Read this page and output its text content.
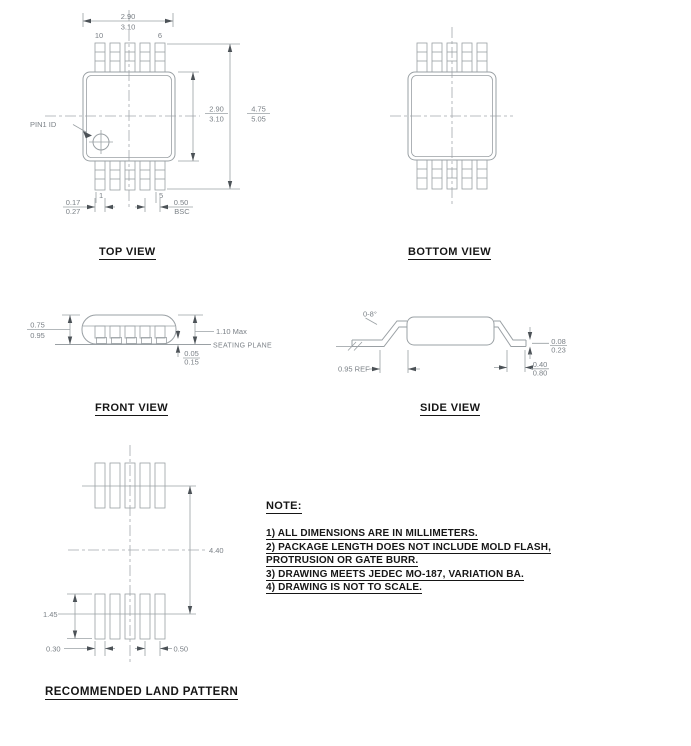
10	6
1	5
PIN1 ID
2.90
3.10
2.90
3.10
4.75
5.05
0.17
0.27
0.50
BSC
0.75
0.95	1.10 Max
SEATING PLANE
0.05
0.15
0-8°
0.95 REF
0.08
0.23
0.40
0.80
4.40
1.45
0.30	0.50
TOP VIEW	BOTTOM VIEW
FRONT VIEW	SIDE VIEW
RECOMMENDED LAND PATTERN
NOTE:
1) ALL DIMENSIONS ARE IN MILLIMETERS.
2) PACKAGE LENGTH DOES NOT INCLUDE MOLD FLASH,
PROTRUSION OR GATE BURR.
3) DRAWING MEETS JEDEC MO-187, VARIATION BA.
4) DRAWING IS NOT TO SCALE.
